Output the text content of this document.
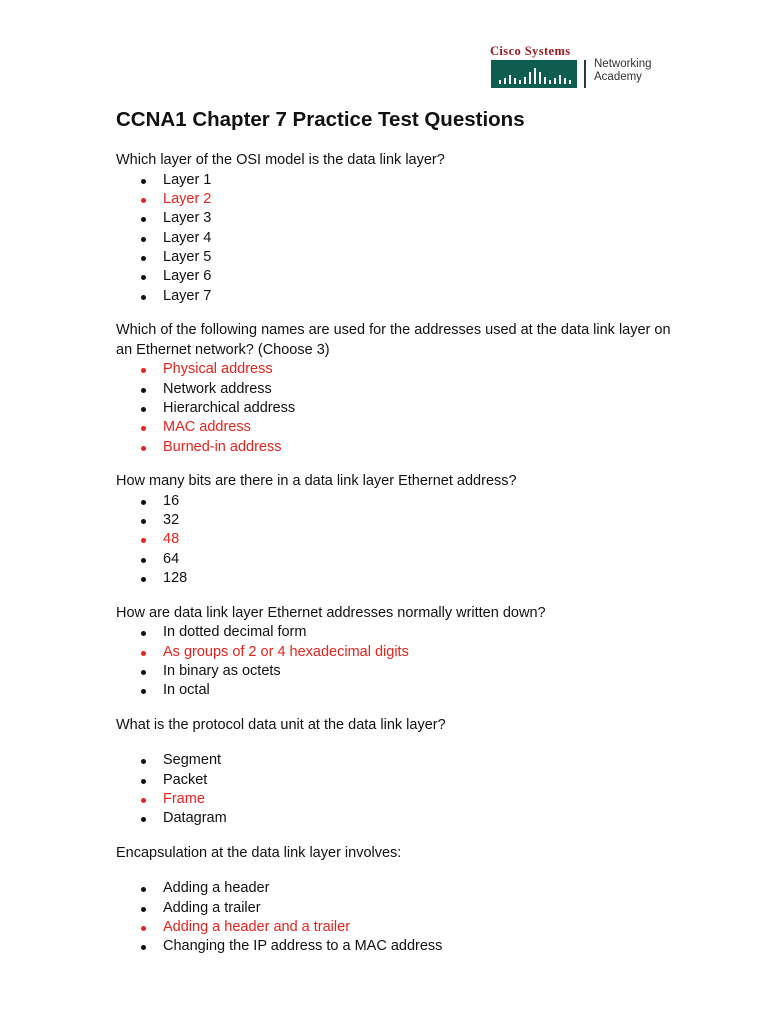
Cisco Systems
Networking
Academy
CCNA1 Chapter 7 Practice Test Questions

Which layer of the OSI model is the data link layer?

Layer 1
Layer 2
Layer 3
Layer 4
Layer 5
Layer 6
Layer 7

Which of the following names are used for the addresses used at the data link layer on an Ethernet network? (Choose 3)

Physical address
Network address
Hierarchical address
MAC address
Burned-in address

How many bits are there in a data link layer Ethernet address?

16
32
48
64
128

How are data link layer Ethernet addresses normally written down?

In dotted decimal form
As groups of 2 or 4 hexadecimal digits
In binary as octets
In octal

What is the protocol data unit at the data link layer?

Segment
Packet
Frame
Datagram

Encapsulation at the data link layer involves:

Adding a header
Adding a trailer
Adding a header and a trailer
Changing the IP address to a MAC address
